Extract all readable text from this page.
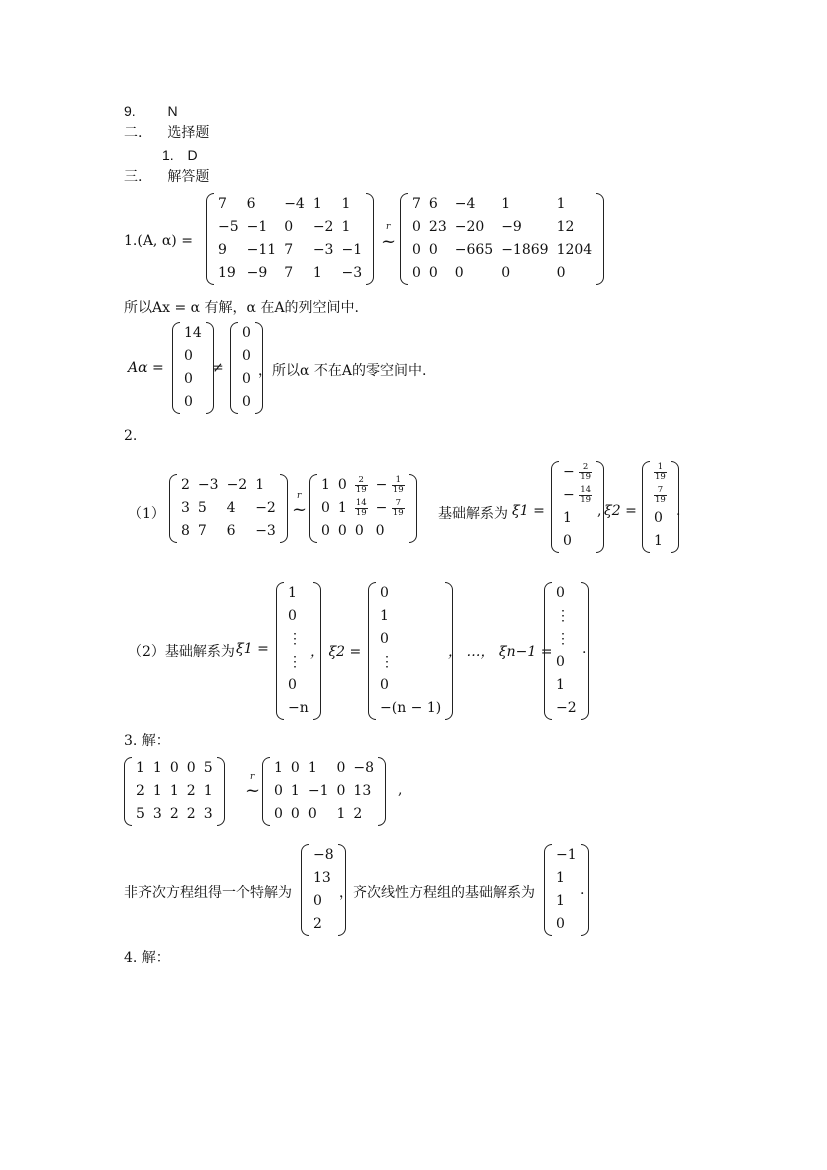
9. N
二. 选择题
1. D
三. 解答题
1.(A, α) =
7	6	−4	1	1
−5	−1	0	−2	1
9	−11	7	−3	−1
19	−9	7	1	−3
r
~
7	6	−4	1	1
0	23	−20	−9	12
0	0	−665	−1869	1204
0	0	0	0	0
所以Ax = α 有解，α 在A的列空间中.
Aα =
14
0
0
0
≠
0
0
0
0
，所以α 不在A的零空间中.
2.
（1）
2	−3	−2	1
3	5	4	−2
8	7	6	−3
r
~
1	0	$\frac{2}{19}$	− $\frac{1}{19}$

0	1	$\frac{14}{19}$	− $\frac{7}{19}$

0	0	0	0
基础解系为 ξ1 =
− $\frac{2}{19}$

− $\frac{14}{19}$

1
0
, ξ2 =
$\frac{1}{19}$

$\frac{7}{19}$

0
1
.
（2）基础解系为 ξ1 =
1
0
⋮
⋮
0
−n
， ξ2 =
0
1
0
⋮
0
−(n − 1)
， …， ξn−1 =
0
⋮
⋮
0
1
−2
.
3. 解：
1	1	0	0	5
2	1	1	2	1
5	3	2	2	3
r
~
1	0	1	0	−8
0	1	−1	0	13
0	0	0	1	2
,
非齐次方程组得一个特解为
−8
13
0
2
，齐次线性方程组的基础解系为
−1
1
1
0
.
4. 解：
